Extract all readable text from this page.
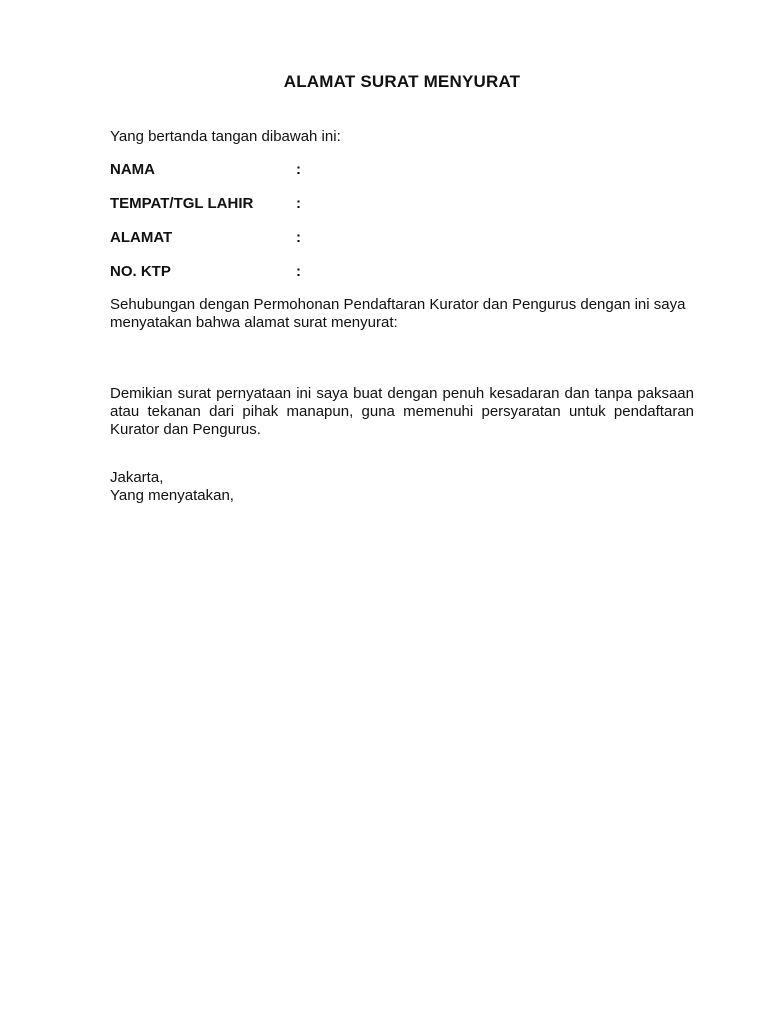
ALAMAT SURAT MENYURAT
Yang bertanda tangan dibawah ini:
NAMA	:
TEMPAT/TGL LAHIR	:
ALAMAT	:
NO. KTP	:
Sehubungan dengan Permohonan Pendaftaran Kurator dan Pengurus dengan ini saya menyatakan bahwa alamat surat menyurat:
Demikian surat pernyataan ini saya buat dengan penuh kesadaran dan tanpa paksaan atau tekanan dari pihak manapun, guna memenuhi persyaratan untuk pendaftaran Kurator dan Pengurus.
Jakarta,
Yang menyatakan,
